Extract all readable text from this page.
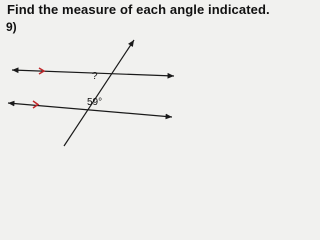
Find the measure of each angle indicated.
9)
?
59°
